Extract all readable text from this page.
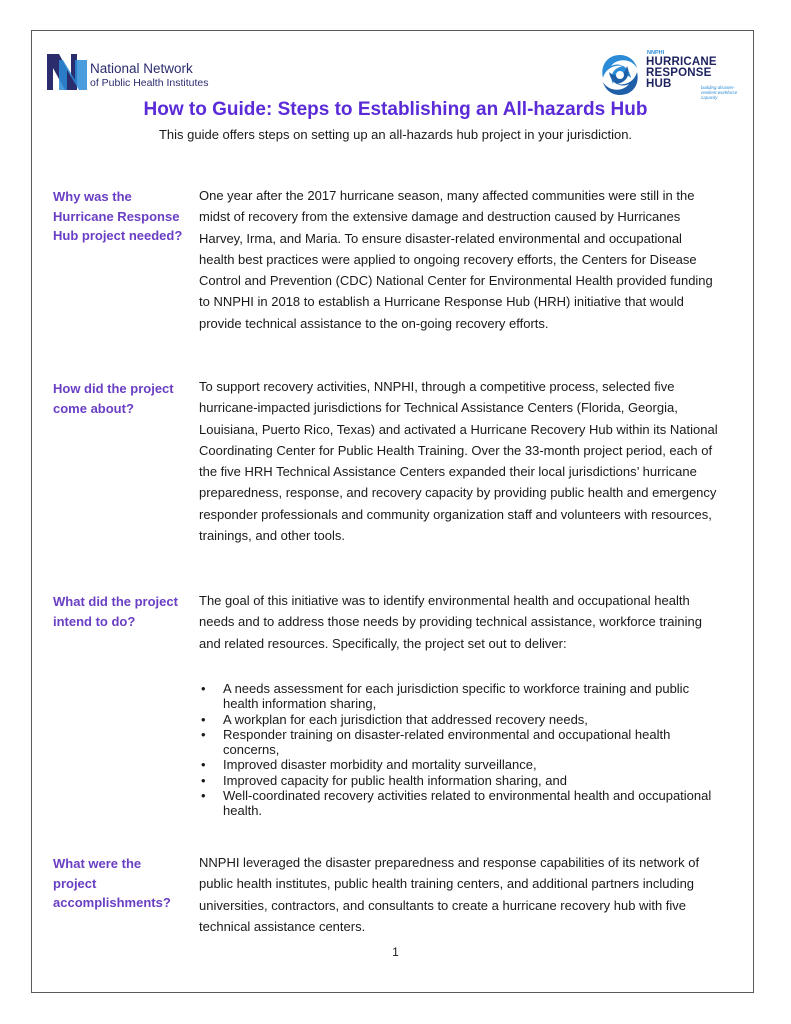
National Network
of Public Health Institutes
NNPHI
HURRICANE
RESPONSE
HUB	building disaster-resilient workforce capacity
How to Guide: Steps to Establishing an All-hazards Hub
This guide offers steps on setting up an all-hazards hub project in your jurisdiction.
Why was the Hurricane Response Hub project needed?
One year after the 2017 hurricane season, many affected communities were still in the midst of recovery from the extensive damage and destruction caused by Hurricanes Harvey, Irma, and Maria. To ensure disaster-related environmental and occupational health best practices were applied to ongoing recovery efforts, the Centers for Disease Control and Prevention (CDC) National Center for Environmental Health provided funding to NNPHI in 2018 to establish a Hurricane Response Hub (HRH) initiative that would provide technical assistance to the on-going recovery efforts.
How did the project come about?
To support recovery activities, NNPHI, through a competitive process, selected five hurricane-impacted jurisdictions for Technical Assistance Centers (Florida, Georgia, Louisiana, Puerto Rico, Texas) and activated a Hurricane Recovery Hub within its National Coordinating Center for Public Health Training. Over the 33-month project period, each of the five HRH Technical Assistance Centers expanded their local jurisdictions’ hurricane preparedness, response, and recovery capacity by providing public health and emergency responder professionals and community organization staff and volunteers with resources, trainings, and other tools.
What did the project intend to do?
The goal of this initiative was to identify environmental health and occupational health needs and to address those needs by providing technical assistance, workforce training and related resources. Specifically, the project set out to deliver:
• A needs assessment for each jurisdiction specific to workforce training and public health information sharing,
• A workplan for each jurisdiction that addressed recovery needs,
• Responder training on disaster-related environmental and occupational health concerns,
• Improved disaster morbidity and mortality surveillance,
• Improved capacity for public health information sharing, and
• Well-coordinated recovery activities related to environmental health and occupational health.
What were the project accomplishments?
NNPHI leveraged the disaster preparedness and response capabilities of its network of public health institutes, public health training centers, and additional partners including universities, contractors, and consultants to create a hurricane recovery hub with five technical assistance centers.
1
